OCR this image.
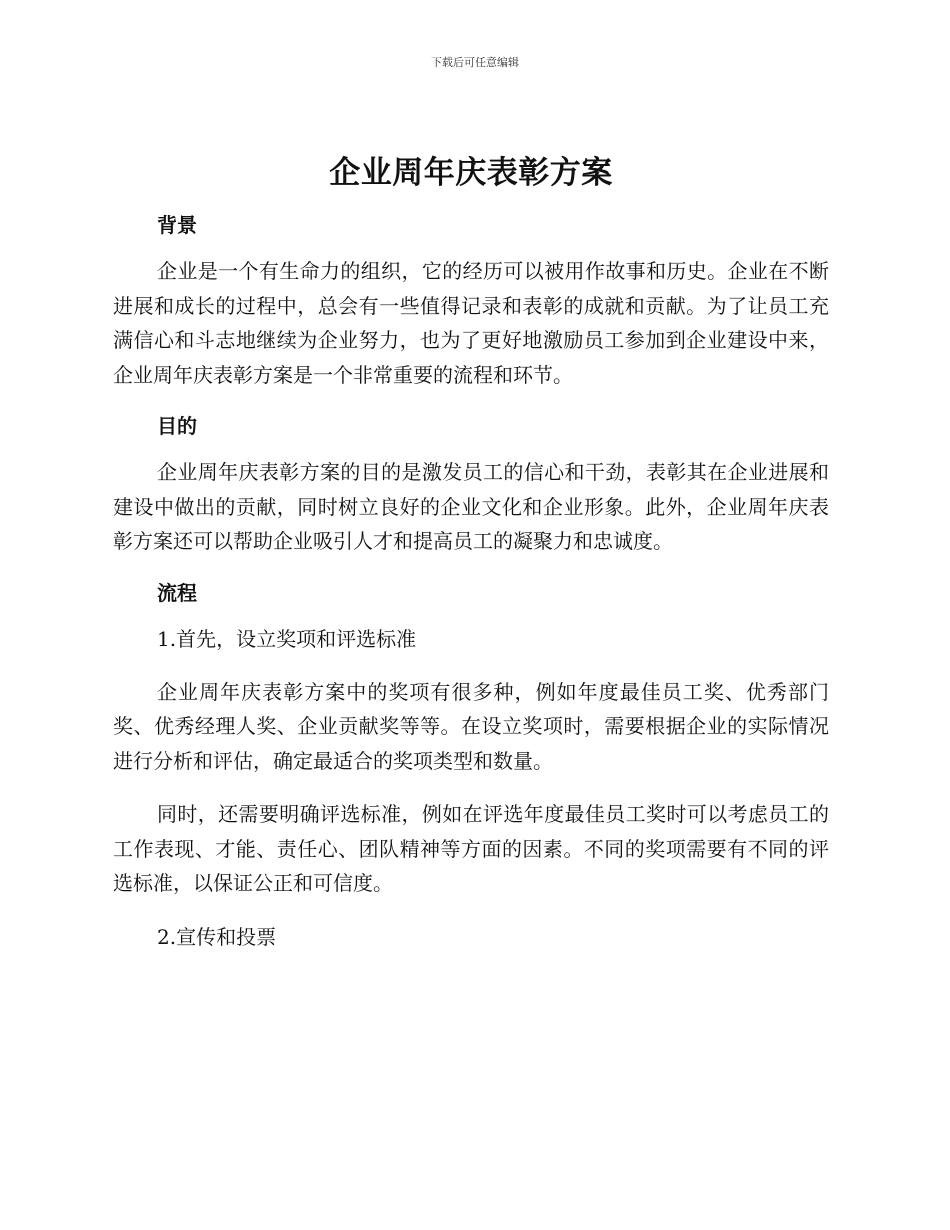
下载后可任意编辑
企业周年庆表彰方案
背景

企业是一个有生命力的组织，它的经历可以被用作故事和历史。企业在不断进展和成长的过程中，总会有一些值得记录和表彰的成就和贡献。为了让员工充满信心和斗志地继续为企业努力，也为了更好地激励员工参加到企业建设中来，企业周年庆表彰方案是一个非常重要的流程和环节。

目的

企业周年庆表彰方案的目的是激发员工的信心和干劲，表彰其在企业进展和建设中做出的贡献，同时树立良好的企业文化和企业形象。此外，企业周年庆表彰方案还可以帮助企业吸引人才和提高员工的凝聚力和忠诚度。

流程
1.首先，设立奖项和评选标准

企业周年庆表彰方案中的奖项有很多种，例如年度最佳员工奖、优秀部门奖、优秀经理人奖、企业贡献奖等等。在设立奖项时，需要根据企业的实际情况进行分析和评估，确定最适合的奖项类型和数量。

同时，还需要明确评选标准，例如在评选年度最佳员工奖时可以考虑员工的工作表现、才能、责任心、团队精神等方面的因素。不同的奖项需要有不同的评选标准，以保证公正和可信度。

2.宣传和投票
